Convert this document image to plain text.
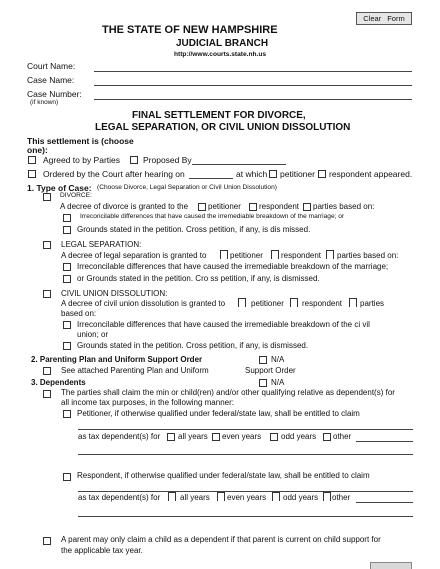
Clear Form
THE STATE OF NEW HAMPSHIRE
JUDICIAL BRANCH
http://www.courts.state.nh.us
Court Name:
Case Name:
Case Number:
(if known)
FINAL SETTLEMENT FOR DIVORCE,
LEGAL SEPARATION, OR CIVIL UNION DISSOLUTION
This settlement is (choose
one):
Agreed to by Parties	Proposed By
Ordered by the Court after hearing on	at which petitioner respondent appeared.
1. Type of Case: (Choose Divorce, Legal Separation or Civil Union Dissolution)
DIVORCE:
A decree of divorce is granted to the petitioner respondent parties based on:
Irreconcilable differences that have caused the irremediable breakdown of the marriage; or
Grounds stated in the petition. Cross petition, if any, is dis missed.
LEGAL SEPARATION:
A decree of legal separation is granted to	petitioner respondent parties based on:
Irreconcilable differences that have caused the irremediable breakdown of the marriage;
or Grounds stated in the petition. Cro ss petition, if any, is dismissed.
CIVIL UNION DISSOLUTION:
A decree of civil union dissolution is granted to	petitioner respondent parties
based on:
Irreconcilable differences that have caused the irremediable breakdown of the ci vil
union; or
Grounds stated in the petition. Cross petition, if any, is dismissed.
2. Parenting Plan and Uniform Support Order	N/A
See attached Parenting Plan and Uniform	Support Order
3. Dependents	N/A
The parties shall claim the min or child(ren) and/or other qualifying relative as dependent(s) for
all income tax purposes, in the following manner:
Petitioner, if otherwise qualified under federal/state law, shall be entitled to claim
as tax dependent(s) for all years even years odd years other
Respondent, if otherwise qualified under federal/state law, shall be entitled to claim
as tax dependent(s) for all years even years odd years other
A parent may only claim a child as a dependent if that parent is current on child support for
the applicable tax year.
